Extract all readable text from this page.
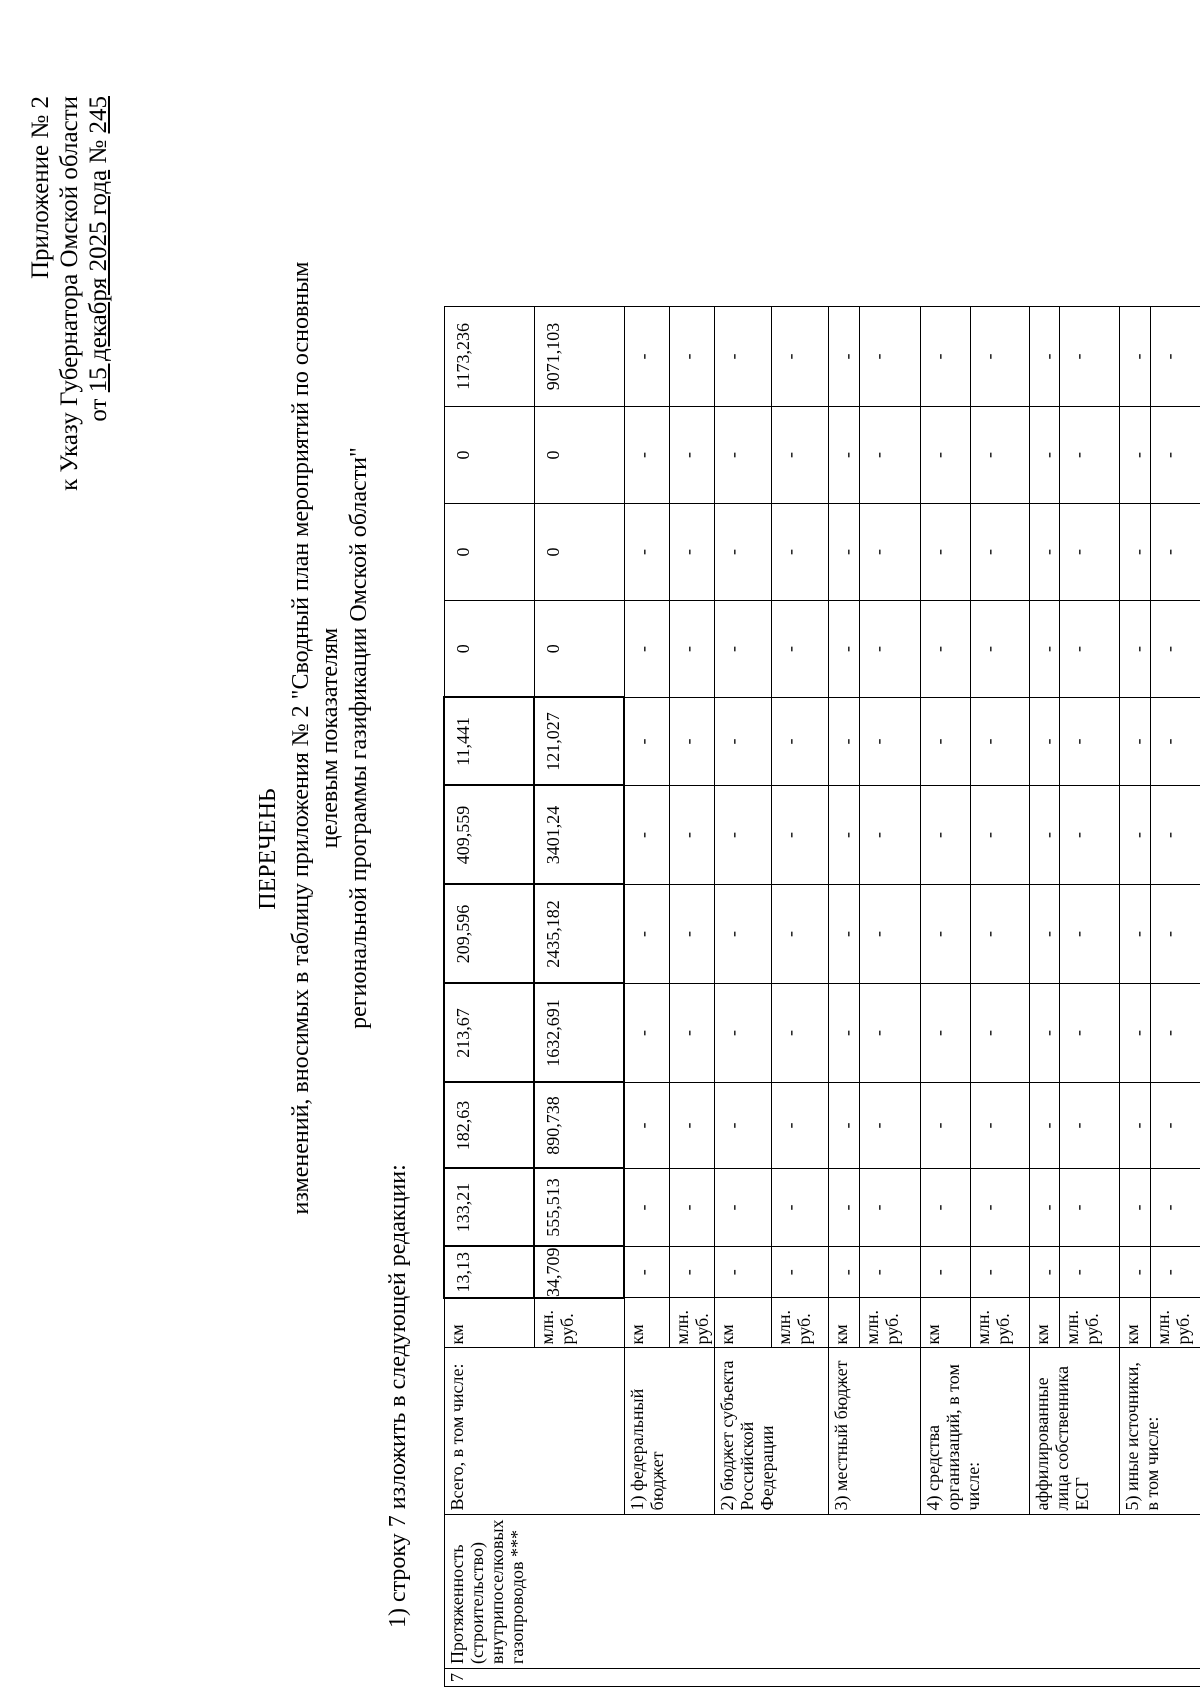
Приложение № 2 к Указу Губернатора Омской области от 15 декабря 2025 года № 245
ПЕРЕЧЕНЬ изменений, вносимых в таблицу приложения № 2 "Сводный план мероприятий по основным целевым показателям региональной программы газификации Омской области"
1) строку 7 изложить в следующей редакции:
7	Протяженность (строительство) внутрипоселковых газопроводов ***	Всего, в том числе:	км	13,13	133,21	182,63	213,67	209,596	409,559	11,441	0	0	0	1173,236
			млн. руб.	34,709	555,513	890,738	1632,691	2435,182	3401,24	121,027	0	0	0	9071,103
		1) федеральный бюджет	км	-	-	-	-	-	-	-	-	-	-	-
			млн. руб.	-	-	-	-	-	-	-	-	-	-	-
		2) бюджет субъекта Российской Федерации	км	-	-	-	-	-	-	-	-	-	-	-
			млн. руб.	-	-	-	-	-	-	-	-	-	-	-
		3) местный бюджет	км	-	-	-	-	-	-	-	-	-	-	-
			млн. руб.	-	-	-	-	-	-	-	-	-	-	-
		4) средства организаций, в том числе:	км	-	-	-	-	-	-	-	-	-	-	-
			млн. руб.	-	-	-	-	-	-	-	-	-	-	-
		аффилированные лица собственника ЕСГ	км	-	-	-	-	-	-	-	-	-	-	-
			млн. руб.	-	-	-	-	-	-	-	-	-	-	-
		5) иные источники, в том числе:	км	-	-	-	-	-	-	-	-	-	-	-
			млн. руб.	-	-	-	-	-	-	-	-	-	-	-
